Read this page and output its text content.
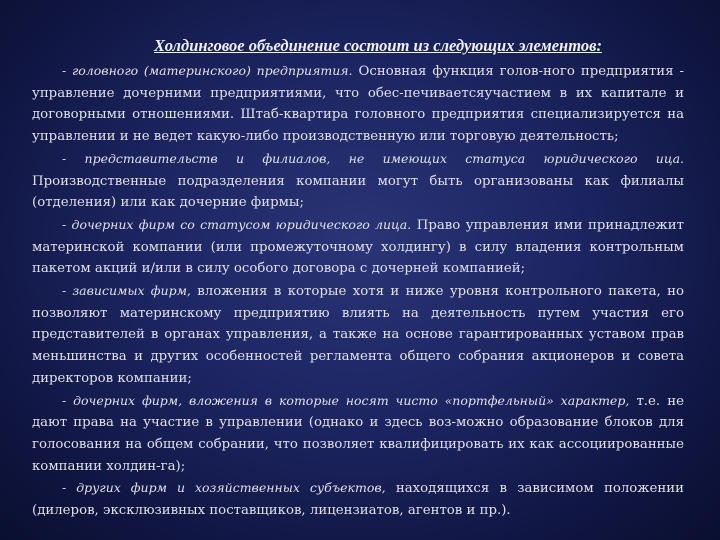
Холдинговое объединение состоит из следующих элементов:

- головного (материнского) предприятия. Основная функция голов-ного предприятия - управление дочерними предприятиями, что обес-печиваетсяучастием в их капитале и договорными отношениями. Штаб-квартира головного предприятия специализируется на управлении и не ведет какую-либо производственную или торговую деятельность;

- представительств и филиалов, не имеющих статуса юридического ица. Производственные подразделения компании могут быть организованы как филиалы (отделения) или как дочерние фирмы;

- дочерних фирм со статусом юридического лица. Право управления ими принадлежит материнской компании (или промежуточному холдингу) в силу владения контрольным пакетом акций и/или в силу особого договора с дочерней компанией;

- зависимых фирм, вложения в которые хотя и ниже уровня контрольного пакета, но позволяют материнскому предприятию влиять на деятельность путем участия его представителей в органах управления, а также на основе гарантированных уставом прав меньшинства и других особенностей регламента общего собрания акционеров и совета директоров компании;

- дочерних фирм, вложения в которые носят чисто «портфельный» характер, т.е. не дают права на участие в управлении (однако и здесь воз-можно образование блоков для голосования на общем собрании, что позволяет квалифицировать их как ассоциированные компании холдин-га);

- других фирм и хозяйственных субъектов, находящихся в зависимом положении (дилеров, эксклюзивных поставщиков, лицензиатов, агентов и пр.).
